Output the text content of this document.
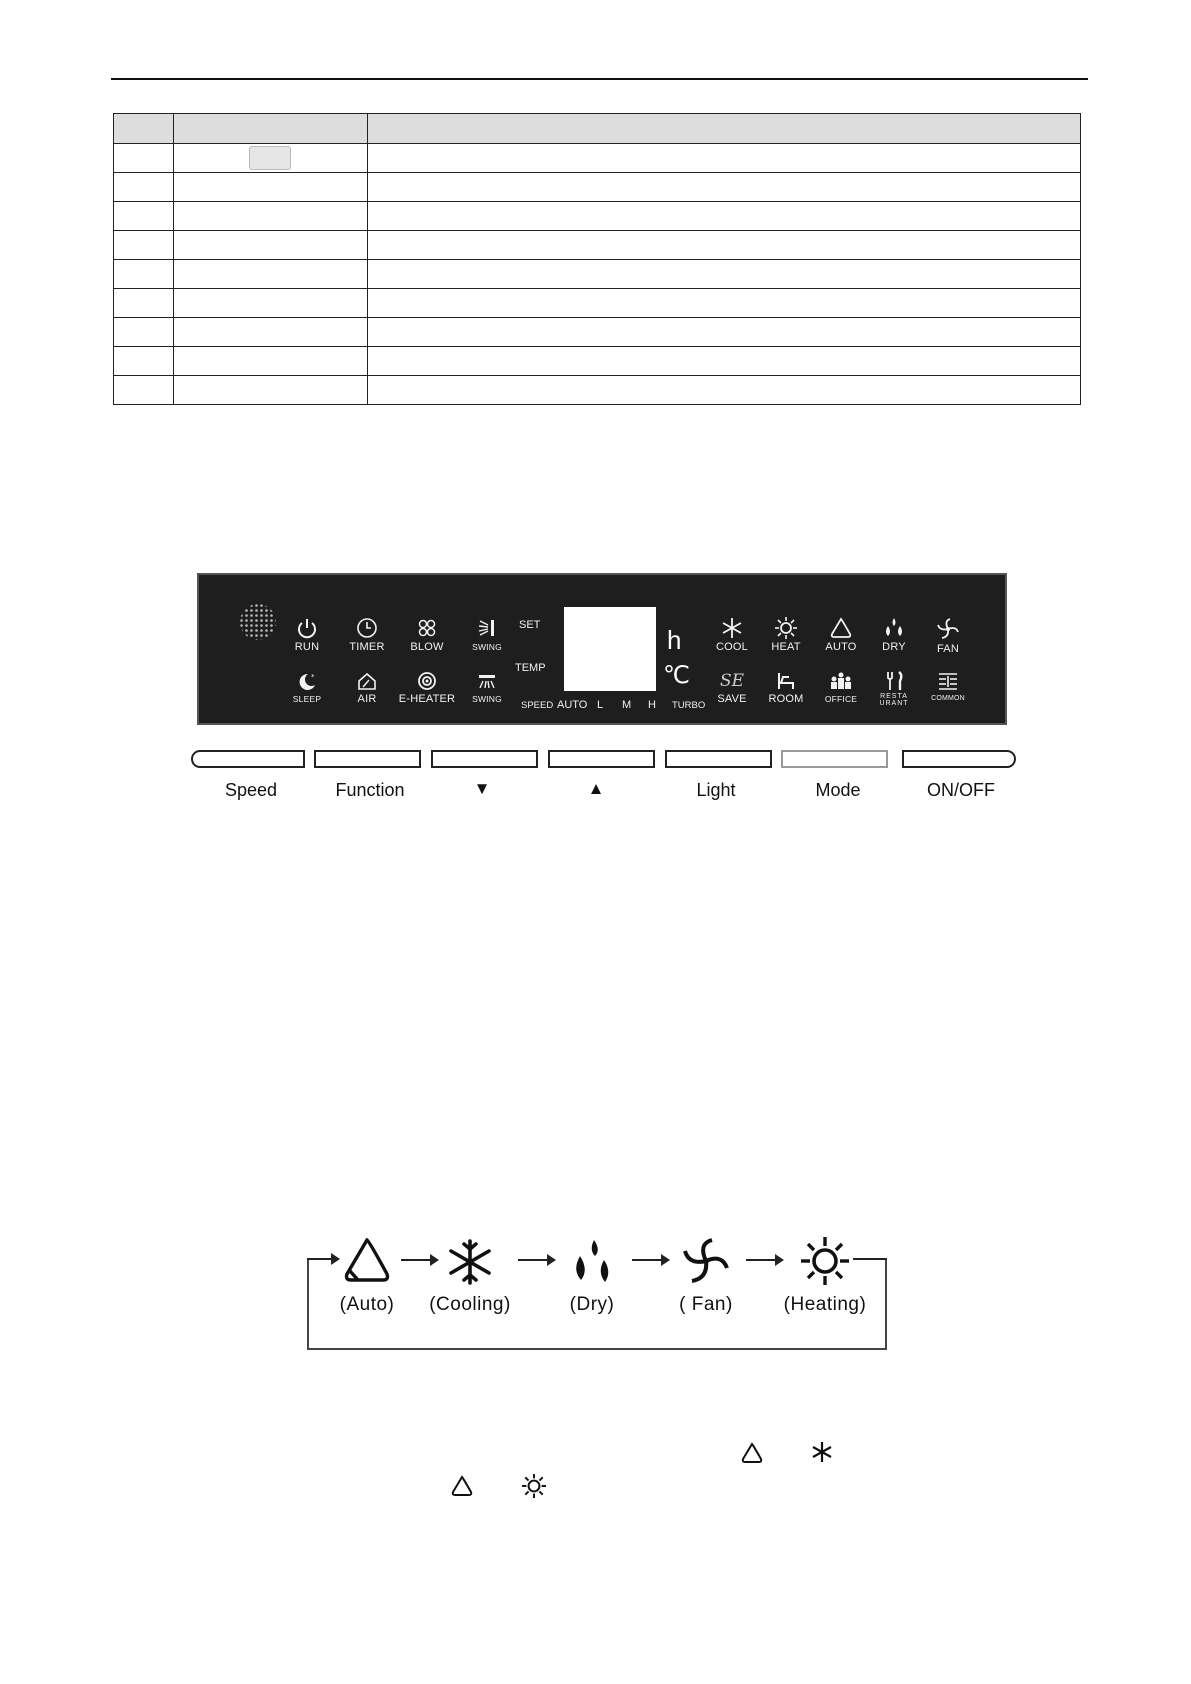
RUN	TIMER	BLOW	SWING
*
SLEEP	AIR	E-HEATER	SWING
SET
TEMP
h
℃
SPEED AUTO L M H TURBO
COOL	HEAT	AUTO	DRY	FAN
SE
SAVE	ROOM	OFFICE	RESTA URANT
COMMON
Speed	Function	▼	▲	Light	Mode	ON/OFF
(Auto)	(Cooling)	(Dry)	( Fan)	(Heating)
